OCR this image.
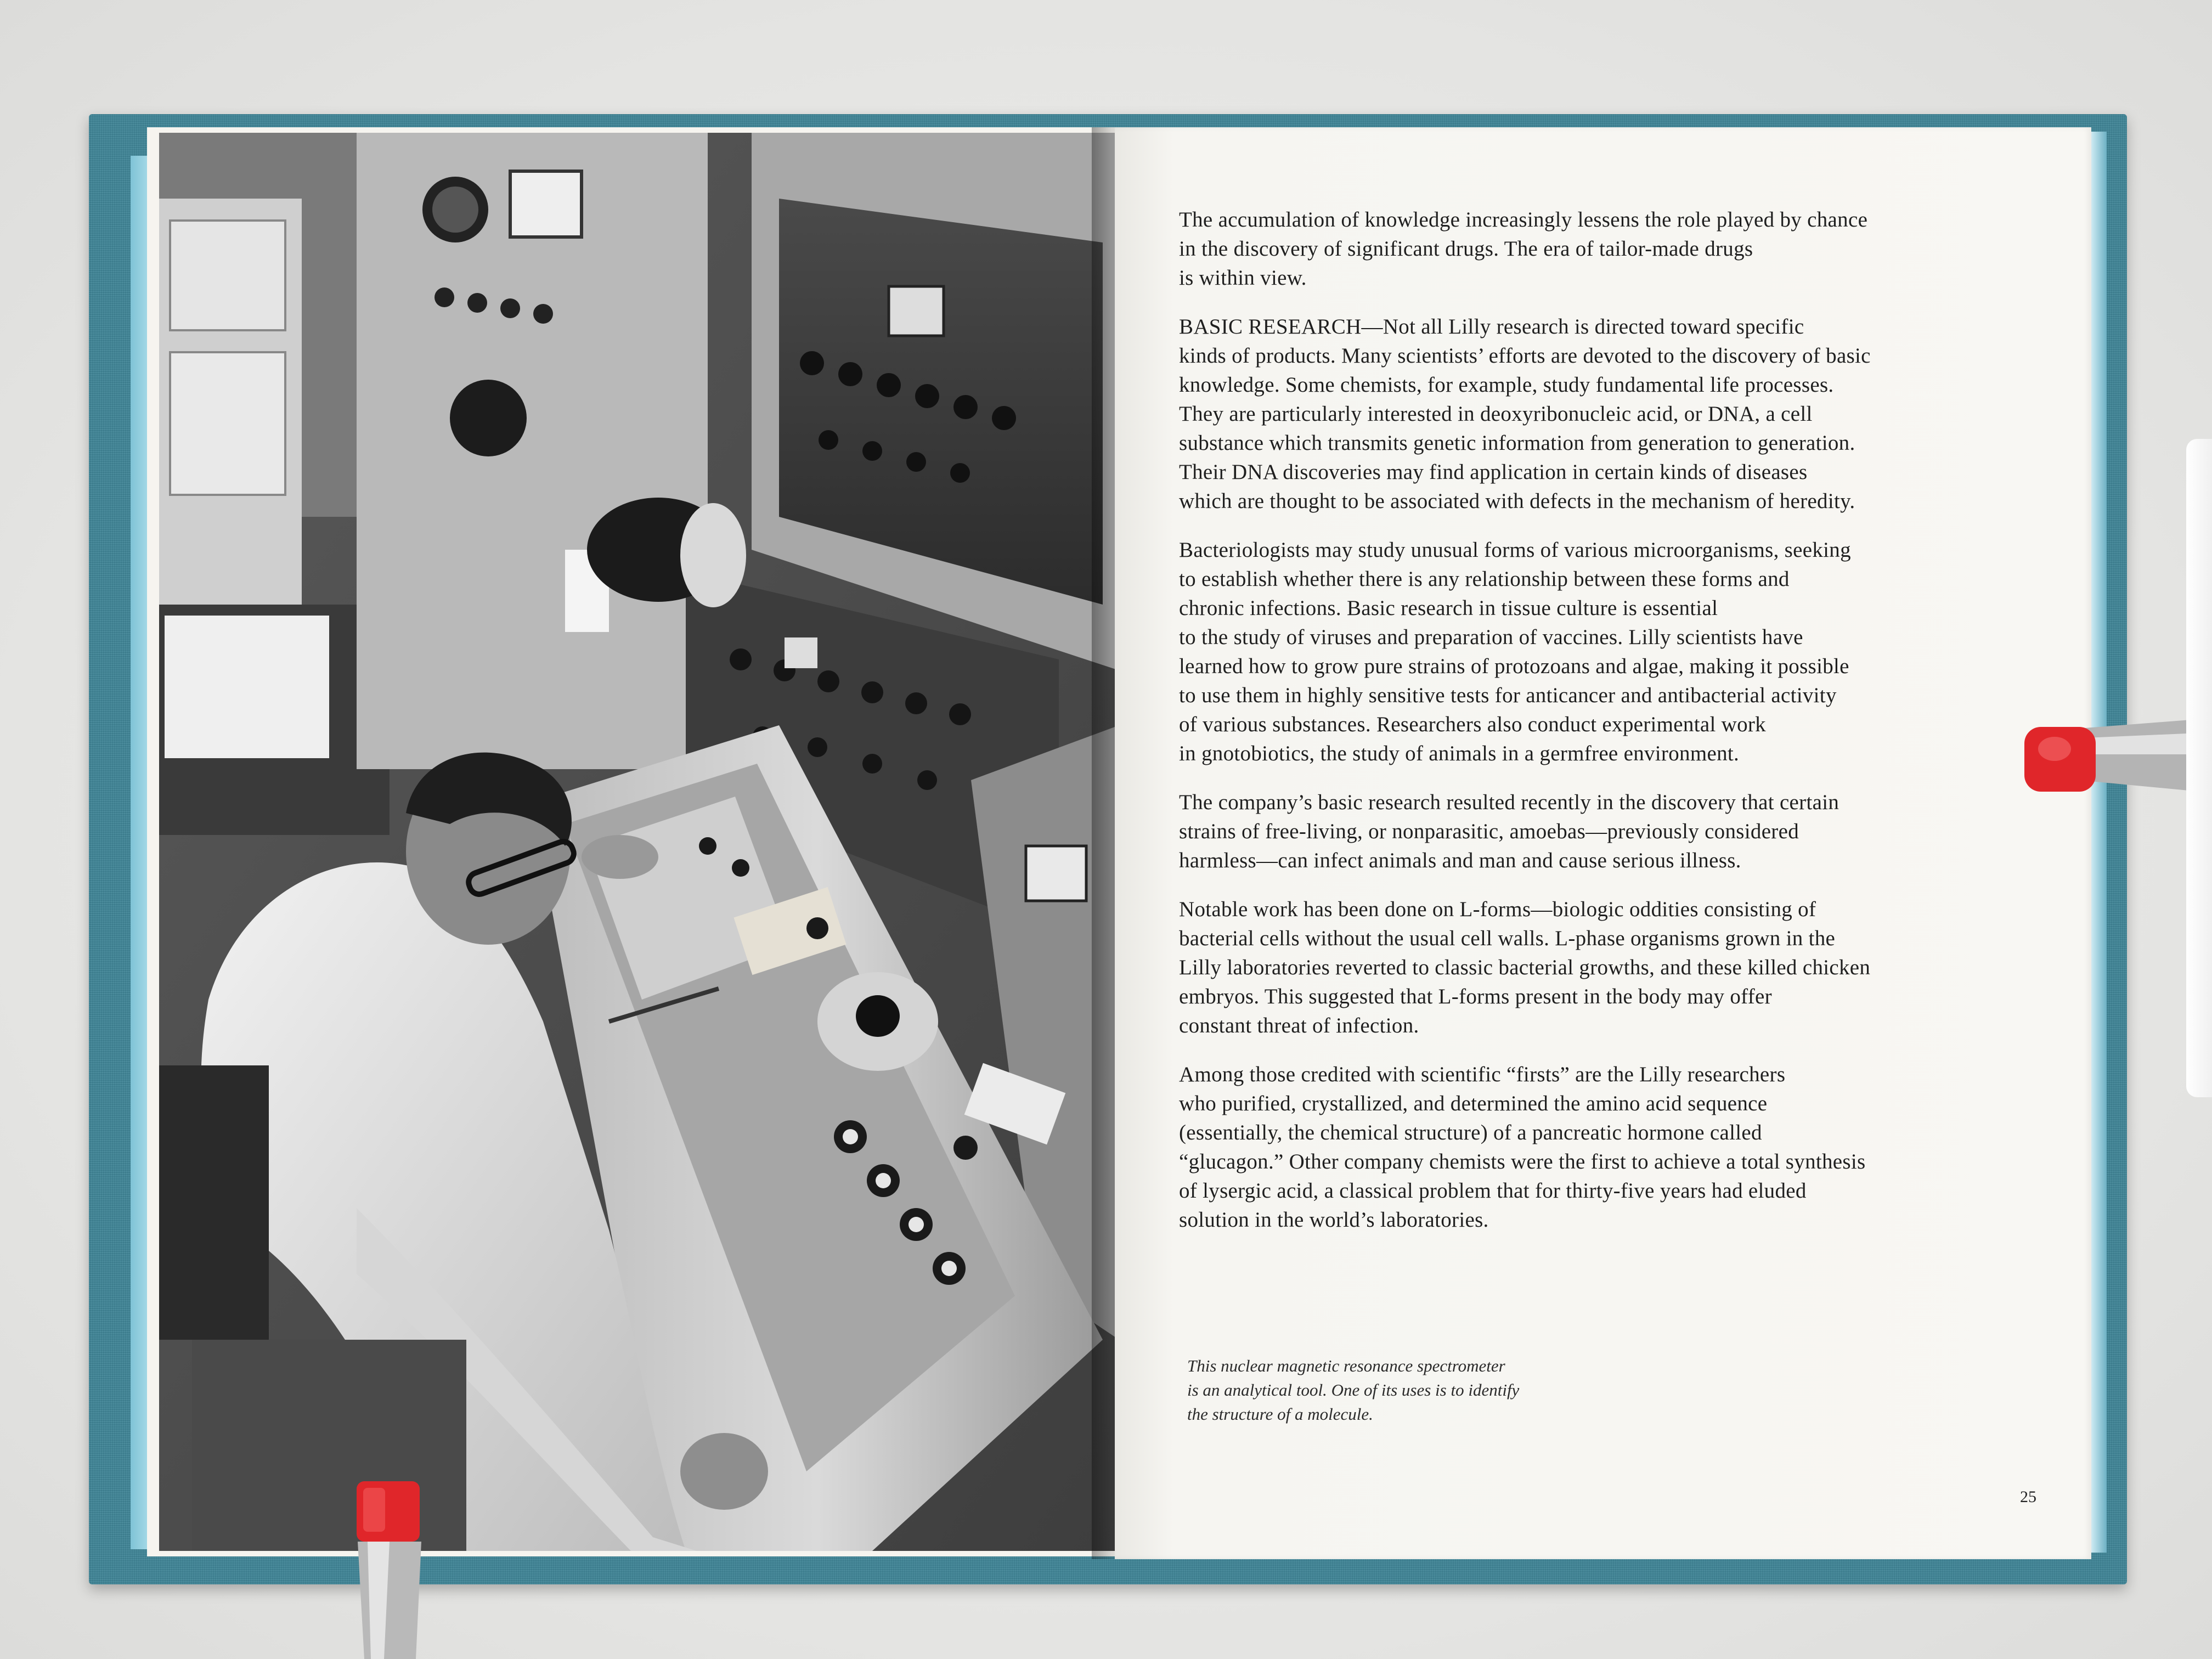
The accumulation of knowledge increasingly lessens the role played by chance
in the discovery of significant drugs. The era of tailor-made drugs
is within view.

BASIC RESEARCH—Not all Lilly research is directed toward specific
kinds of products. Many scientists’ efforts are devoted to the discovery of basic
knowledge. Some chemists, for example, study fundamental life processes.
They are particularly interested in deoxyribonucleic acid, or DNA, a cell
substance which transmits genetic information from generation to generation.
Their DNA discoveries may find application in certain kinds of diseases
which are thought to be associated with defects in the mechanism of heredity.

Bacteriologists may study unusual forms of various microorganisms, seeking
to establish whether there is any relationship between these forms and
chronic infections. Basic research in tissue culture is essential
to the study of viruses and preparation of vaccines. Lilly scientists have
learned how to grow pure strains of protozoans and algae, making it possible
to use them in highly sensitive tests for anticancer and antibacterial activity
of various substances. Researchers also conduct experimental work
in gnotobiotics, the study of animals in a germfree environment.

The company’s basic research resulted recently in the discovery that certain
strains of free-living, or nonparasitic, amoebas—previously considered
harmless—can infect animals and man and cause serious illness.

Notable work has been done on L-forms—biologic oddities consisting of
bacterial cells without the usual cell walls. L-phase organisms grown in the
Lilly laboratories reverted to classic bacterial growths, and these killed chicken
embryos. This suggested that L-forms present in the body may offer
constant threat of infection.

Among those credited with scientific “firsts” are the Lilly researchers
who purified, crystallized, and determined the amino acid sequence
(essentially, the chemical structure) of a pancreatic hormone called
“glucagon.” Other company chemists were the first to achieve a total synthesis
of lysergic acid, a classical problem that for thirty-five years had eluded
solution in the world’s laboratories.

This nuclear magnetic resonance spectrometer
is an analytical tool. One of its uses is to identify
the structure of a molecule.
25
